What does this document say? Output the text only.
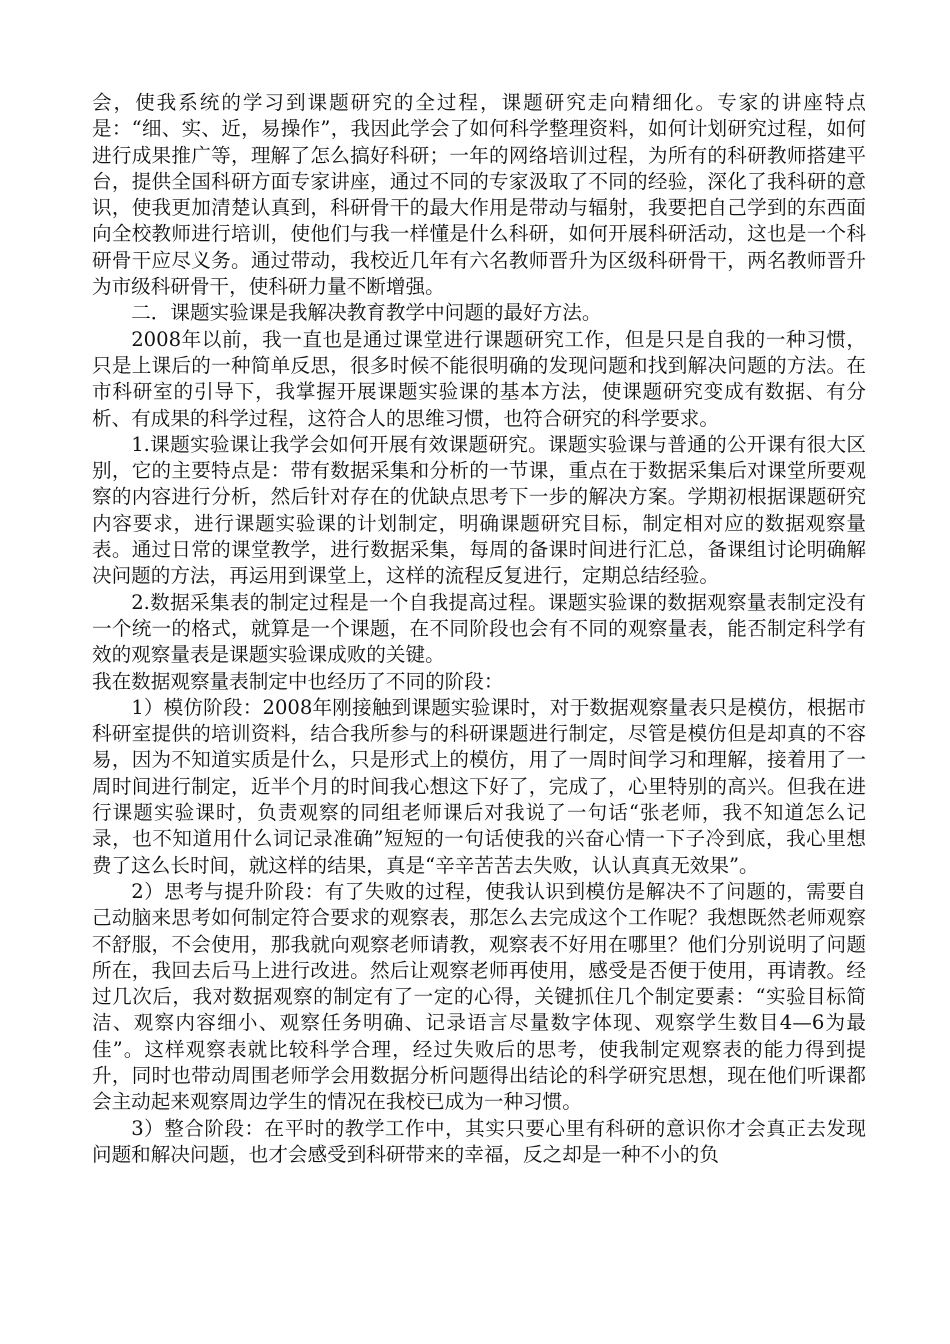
会，使我系统的学习到课题研究的全过程，课题研究走向精细化。专家的讲座特点是：“细、实、近，易操作”，我因此学会了如何科学整理资料，如何计划研究过程，如何进行成果推广等，理解了怎么搞好科研；一年的网络培训过程，为所有的科研教师搭建平台，提供全国科研方面专家讲座，通过不同的专家汲取了不同的经验，深化了我科研的意识，使我更加清楚认真到，科研骨干的最大作用是带动与辐射，我要把自己学到的东西面向全校教师进行培训，使他们与我一样懂是什么科研，如何开展科研活动，这也是一个科研骨干应尽义务。通过带动，我校近几年有六名教师晋升为区级科研骨干，两名教师晋升为市级科研骨干，使科研力量不断增强。

二．课题实验课是我解决教育教学中问题的最好方法。

2008年以前，我一直也是通过课堂进行课题研究工作，但是只是自我的一种习惯，只是上课后的一种简单反思，很多时候不能很明确的发现问题和找到解决问题的方法。在市科研室的引导下，我掌握开展课题实验课的基本方法，使课题研究变成有数据、有分析、有成果的科学过程，这符合人的思维习惯，也符合研究的科学要求。

1.课题实验课让我学会如何开展有效课题研究。课题实验课与普通的公开课有很大区别，它的主要特点是：带有数据采集和分析的一节课，重点在于数据采集后对课堂所要观察的内容进行分析，然后针对存在的优缺点思考下一步的解决方案。学期初根据课题研究内容要求，进行课题实验课的计划制定，明确课题研究目标，制定相对应的数据观察量表。通过日常的课堂教学，进行数据采集，每周的备课时间进行汇总，备课组讨论明确解决问题的方法，再运用到课堂上，这样的流程反复进行，定期总结经验。

2.数据采集表的制定过程是一个自我提高过程。课题实验课的数据观察量表制定没有一个统一的格式，就算是一个课题，在不同阶段也会有不同的观察量表，能否制定科学有效的观察量表是课题实验课成败的关键。

我在数据观察量表制定中也经历了不同的阶段：

1）模仿阶段：2008年刚接触到课题实验课时，对于数据观察量表只是模仿，根据市科研室提供的培训资料，结合我所参与的科研课题进行制定，尽管是模仿但是却真的不容易，因为不知道实质是什么，只是形式上的模仿，用了一周时间学习和理解，接着用了一周时间进行制定，近半个月的时间我心想这下好了，完成了，心里特别的高兴。但我在进行课题实验课时，负责观察的同组老师课后对我说了一句话“张老师，我不知道怎么记录，也不知道用什么词记录准确”短短的一句话使我的兴奋心情一下子冷到底，我心里想费了这么长时间，就这样的结果，真是“辛辛苦苦去失败，认认真真无效果”。

2）思考与提升阶段：有了失败的过程，使我认识到模仿是解决不了问题的，需要自己动脑来思考如何制定符合要求的观察表，那怎么去完成这个工作呢？我想既然老师观察不舒服，不会使用，那我就向观察老师请教，观察表不好用在哪里？他们分别说明了问题所在，我回去后马上进行改进。然后让观察老师再使用，感受是否便于使用，再请教。经过几次后，我对数据观察的制定有了一定的心得，关键抓住几个制定要素：“实验目标简洁、观察内容细小、观察任务明确、记录语言尽量数字体现、观察学生数目4—6为最佳”。这样观察表就比较科学合理，经过失败后的思考，使我制定观察表的能力得到提升，同时也带动周围老师学会用数据分析问题得出结论的科学研究思想，现在他们听课都会主动起来观察周边学生的情况在我校已成为一种习惯。

3）整合阶段：在平时的教学工作中，其实只要心里有科研的意识你才会真正去发现问题和解决问题，也才会感受到科研带来的幸福，反之却是一种不小的负
